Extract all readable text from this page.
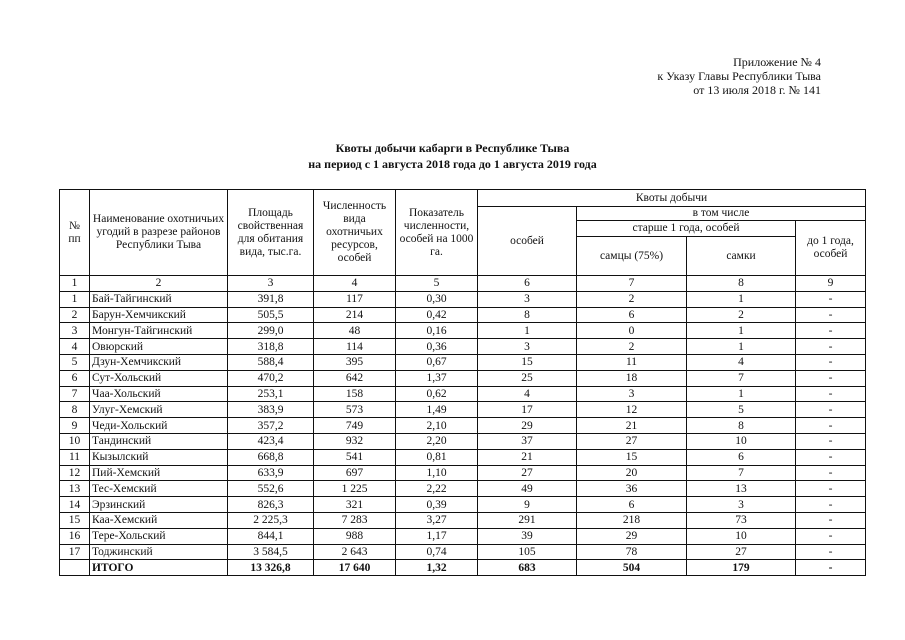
Приложение № 4
к Указу Главы Республики Тыва
от 13 июля 2018 г. № 141
Квоты добычи кабарги в Республике Тыва
на период с 1 августа 2018 года до 1 августа 2019 года
№ пп	Наименование охотничьих угодий в разрезе районов Республики Тыва	Площадь свойственная для обитания вида, тыс.га.	Численность вида охотничьих ресурсов, особей	Показатель численности, особей на 1000 га.	Квоты добычи			
					особей	в том числе		
						старше 1 года, особей		до 1 года, особей
						самцы (75%)	самки	
1	2	3	4	5	6	7	8	9
1	Бай-Тайгинский	391,8	117	0,30	3	2	1	-
2	Барун-Хемчикский	505,5	214	0,42	8	6	2	-
3	Монгун-Тайгинский	299,0	48	0,16	1	0	1	-
4	Овюрский	318,8	114	0,36	3	2	1	-
5	Дзун-Хемчикский	588,4	395	0,67	15	11	4	-
6	Сут-Хольский	470,2	642	1,37	25	18	7	-
7	Чаа-Хольский	253,1	158	0,62	4	3	1	-
8	Улуг-Хемский	383,9	573	1,49	17	12	5	-
9	Чеди-Хольский	357,2	749	2,10	29	21	8	-
10	Тандинский	423,4	932	2,20	37	27	10	-
11	Кызылский	668,8	541	0,81	21	15	6	-
12	Пий-Хемский	633,9	697	1,10	27	20	7	-
13	Тес-Хемский	552,6	1 225	2,22	49	36	13	-
14	Эрзинский	826,3	321	0,39	9	6	3	-
15	Каа-Хемский	2 225,3	7 283	3,27	291	218	73	-
16	Тере-Хольский	844,1	988	1,17	39	29	10	-
17	Тоджинский	3 584,5	2 643	0,74	105	78	27	-
	ИТОГО	13 326,8	17 640	1,32	683	504	179	-
